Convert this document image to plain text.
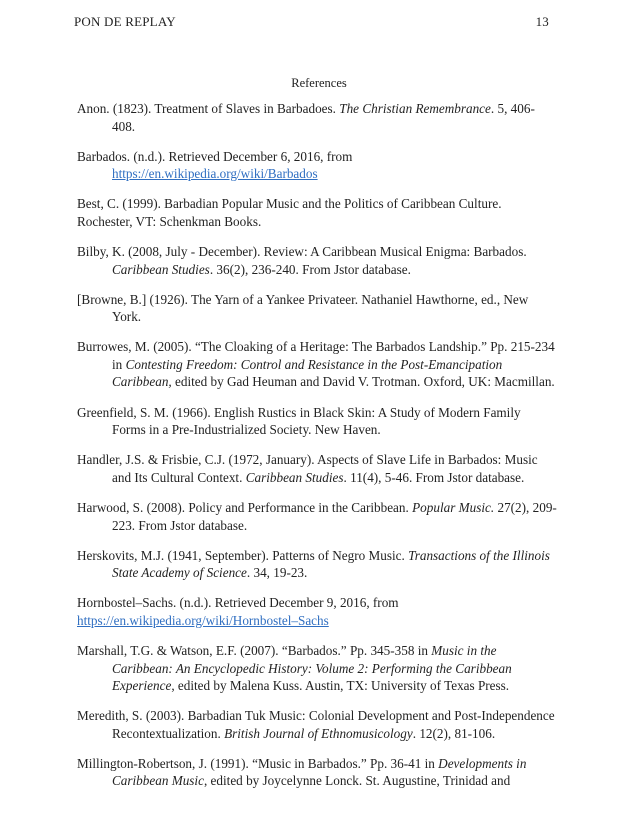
PON DE REPLAY	13
References
Anon. (1823). Treatment of Slaves in Barbadoes. The Christian Remembrance. 5, 406-408.
Barbados. (n.d.). Retrieved December 6, 2016, from https://en.wikipedia.org/wiki/Barbados
Best, C. (1999). Barbadian Popular Music and the Politics of Caribbean Culture. Rochester, VT: Schenkman Books.
Bilby, K. (2008, July - December). Review: A Caribbean Musical Enigma: Barbados. Caribbean Studies. 36(2), 236-240. From Jstor database.
[Browne, B.] (1926). The Yarn of a Yankee Privateer. Nathaniel Hawthorne, ed., New York.
Burrowes, M. (2005). “The Cloaking of a Heritage: The Barbados Landship.” Pp. 215-234 in Contesting Freedom: Control and Resistance in the Post-Emancipation Caribbean, edited by Gad Heuman and David V. Trotman. Oxford, UK: Macmillan.
Greenfield, S. M. (1966). English Rustics in Black Skin: A Study of Modern Family Forms in a Pre-Industrialized Society. New Haven.
Handler, J.S. & Frisbie, C.J. (1972, January). Aspects of Slave Life in Barbados: Music and Its Cultural Context. Caribbean Studies. 11(4), 5-46. From Jstor database.
Harwood, S. (2008). Policy and Performance in the Caribbean. Popular Music. 27(2), 209-223. From Jstor database.
Herskovits, M.J. (1941, September). Patterns of Negro Music. Transactions of the Illinois State Academy of Science. 34, 19-23.
Hornbostel–Sachs. (n.d.). Retrieved December 9, 2016, from https://en.wikipedia.org/wiki/Hornbostel–Sachs
Marshall, T.G. & Watson, E.F. (2007). “Barbados.” Pp. 345-358 in Music in the Caribbean: An Encyclopedic History: Volume 2: Performing the Caribbean Experience, edited by Malena Kuss. Austin, TX: University of Texas Press.
Meredith, S. (2003). Barbadian Tuk Music: Colonial Development and Post-Independence Recontextualization. British Journal of Ethnomusicology. 12(2), 81-106.
Millington-Robertson, J. (1991). “Music in Barbados.” Pp. 36-41 in Developments in Caribbean Music, edited by Joycelynne Lonck. St. Augustine, Trinidad and
